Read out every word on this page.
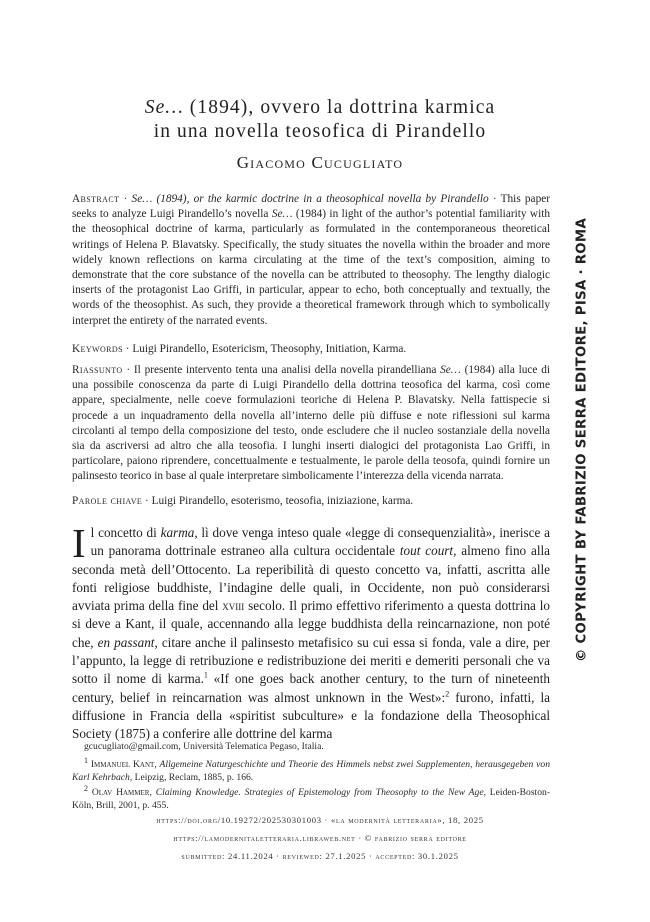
Se… (1894), ovvero la dottrina karmica
in una novella teosofica di Pirandello
Giacomo Cucugliato

Abstract · Se… (1894), or the karmic doctrine in a theosophical novella by Pirandello · This paper seeks to analyze Luigi Pirandello’s novella Se… (1984) in light of the author’s potential familiarity with the theosophical doctrine of karma, particularly as formulated in the contemporaneous theoretical writings of Helena P. Blavatsky. Specifically, the study situates the novella within the broader and more widely known reflections on karma circulating at the time of the text’s composition, aiming to demonstrate that the core substance of the novella can be attributed to theosophy. The lengthy dialogic inserts of the protagonist Lao Griffi, in particular, appear to echo, both conceptually and textually, the words of the theosophist. As such, they provide a theoretical framework through which to symbolically interpret the entirety of the narrated events.

Keywords · Luigi Pirandello, Esotericism, Theosophy, Initiation, Karma.

Riassunto · Il presente intervento tenta una analisi della novella pirandelliana Se… (1984) alla luce di una possibile conoscenza da parte di Luigi Pirandello della dottrina teosofica del karma, così come appare, specialmente, nelle coeve formulazioni teoriche di Helena P. Blavatsky. Nella fattispecie si procede a un inquadramento della novella all’interno delle più diffuse e note riflessioni sul karma circolanti al tempo della composizione del testo, onde escludere che il nucleo sostanziale della novella sia da ascriversi ad altro che alla teosofia. I lunghi inserti dialogici del protagonista Lao Griffi, in particolare, paiono riprendere, concettualmente e testualmente, le parole della teosofa, quindi fornire un palinsesto teorico in base al quale interpretare simbolicamente l’interezza della vicenda narrata.

Parole chiave · Luigi Pirandello, esoterismo, teosofia, iniziazione, karma.

Il concetto di karma, lì dove venga inteso quale «legge di consequenzialità», inerisce a un panorama dottrinale estraneo alla cultura occidentale tout court, almeno fino alla seconda metà dell’Ottocento. La reperibilità di questo concetto va, infatti, ascritta alle fonti religiose buddhiste, l’indagine delle quali, in Occidente, non può considerarsi avviata prima della fine del xviii secolo. Il primo effettivo riferimento a questa dottrina lo si deve a Kant, il quale, accennando alla legge buddhista della reincarnazione, non poté che, en passant, citare anche il palinsesto metafisico su cui essa si fonda, vale a dire, per l’appunto, la legge di retribuzione e redistribuzione dei meriti e demeriti personali che va sotto il nome di karma.$^1$ «If one goes back another century, to the turn of nineteenth century, belief in reincarnation was almost unknown in the West»:$^2$ furono, infatti, la diffusione in Francia della «spiritist subculture» e la fondazione della Theosophical Society (1875) a conferire alle dottrine del karma

gcucugliato@gmail.com, Università Telematica Pegaso, Italia.

$^1$ Immanuel Kant, Allgemeine Naturgeschichte und Theorie des Himmels nebst zwei Supplementen, herausgegeben von Karl Kehrbach, Leipzig, Reclam, 1885, p. 166.

$^2$ Olav Hammer, Claiming Knowledge. Strategies of Epistemology from Theosophy to the New Age, Leiden-Boston-Köln, Brill, 2001, p. 455.

https://doi.org/10.19272/202530301003 · «la modernità letteraria», 18, 2025
https://lamodernitaletteraria.libraweb.net · © fabrizio serra editore
submitted: 24.11.2024 · reviewed: 27.1.2025 · accepted: 30.1.2025
© COPYRIGHT BY FABRIZIO SERRA EDITORE, PISA · ROMA
